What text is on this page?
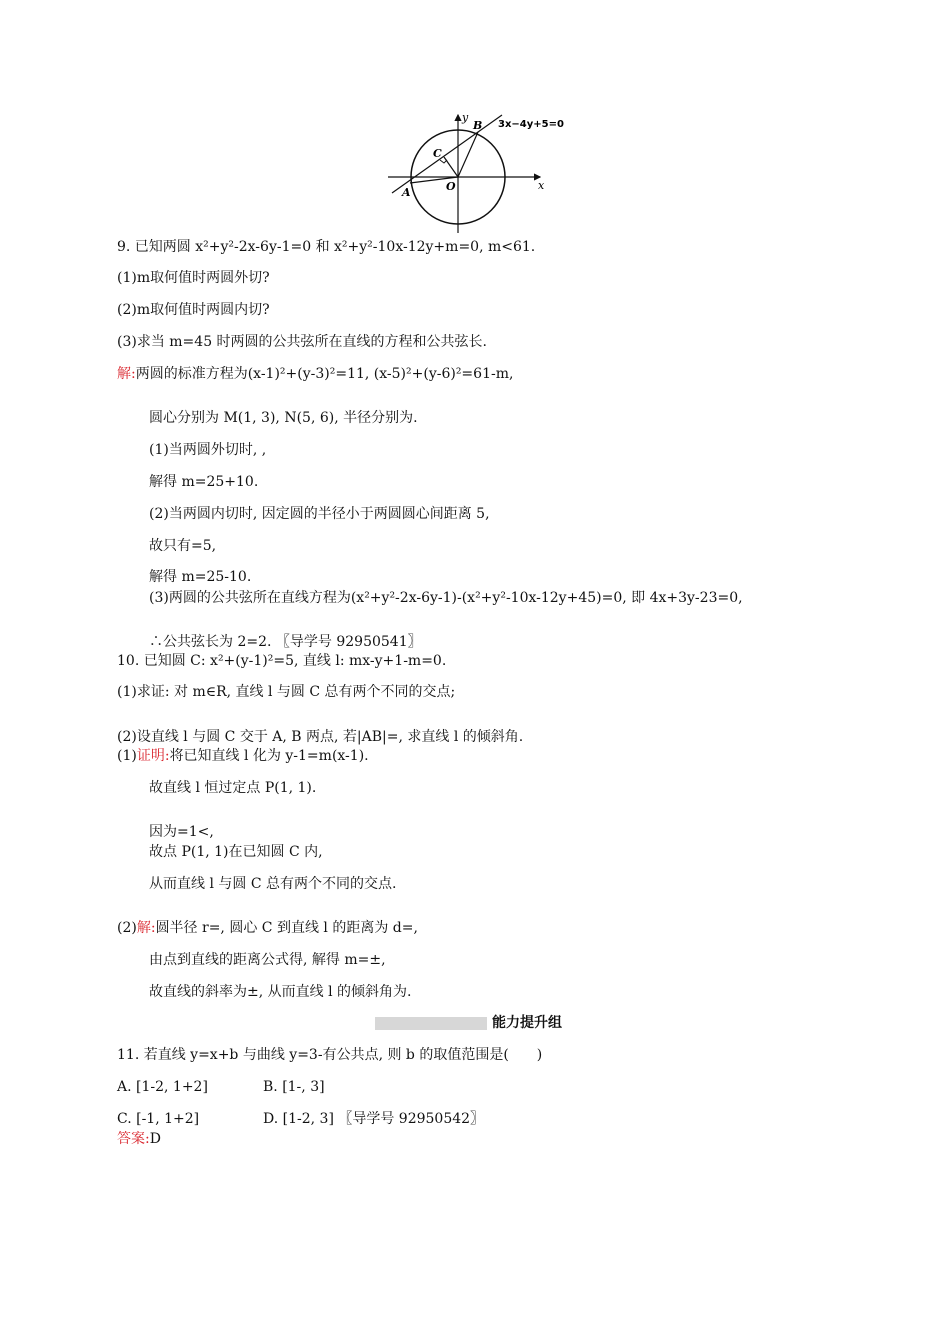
y
B 3x−4y+5=0
C
O
A
x
9. 已知两圆 x²+y²-2x-6y-1=0 和 x²+y²-10x-12y+m=0, m<61.
(1)m取何值时两圆外切?
(2)m取何值时两圆内切?
(3)求当 m=45 时两圆的公共弦所在直线的方程和公共弦长.
解:两圆的标准方程为(x-1)²+(y-3)²=11, (x-5)²+(y-6)²=61-m,
圆心分别为 M(1, 3), N(5, 6), 半径分别为.
(1)当两圆外切时, ,
解得 m=25+10.
(2)当两圆内切时, 因定圆的半径小于两圆圆心间距离 5,
故只有=5,
解得 m=25-10.
(3)两圆的公共弦所在直线方程为(x²+y²-2x-6y-1)-(x²+y²-10x-12y+45)=0, 即 4x+3y-23=0,
∴公共弦长为 2=2. 〖导学号 92950541〗
10. 已知圆 C: x²+(y-1)²=5, 直线 l: mx-y+1-m=0.
(1)求证: 对 m∈R, 直线 l 与圆 C 总有两个不同的交点;
(2)设直线 l 与圆 C 交于 A, B 两点, 若|AB|=, 求直线 l 的倾斜角.
(1)证明:将已知直线 l 化为 y-1=m(x-1).
故直线 l 恒过定点 P(1, 1).
因为=1<,
故点 P(1, 1)在已知圆 C 内,
从而直线 l 与圆 C 总有两个不同的交点.
(2)解:圆半径 r=, 圆心 C 到直线 l 的距离为 d=,
由点到直线的距离公式得, 解得 m=±,
故直线的斜率为±, 从而直线 l 的倾斜角为.
11. 若直线 y=x+b 与曲线 y=3-有公共点, 则 b 的取值范围是(　　)
A. [1-2, 1+2]
C. [-1, 1+2]
答案:D
B. [1-, 3]
D. [1-2, 3] 〖导学号 92950542〗
能力提升组
